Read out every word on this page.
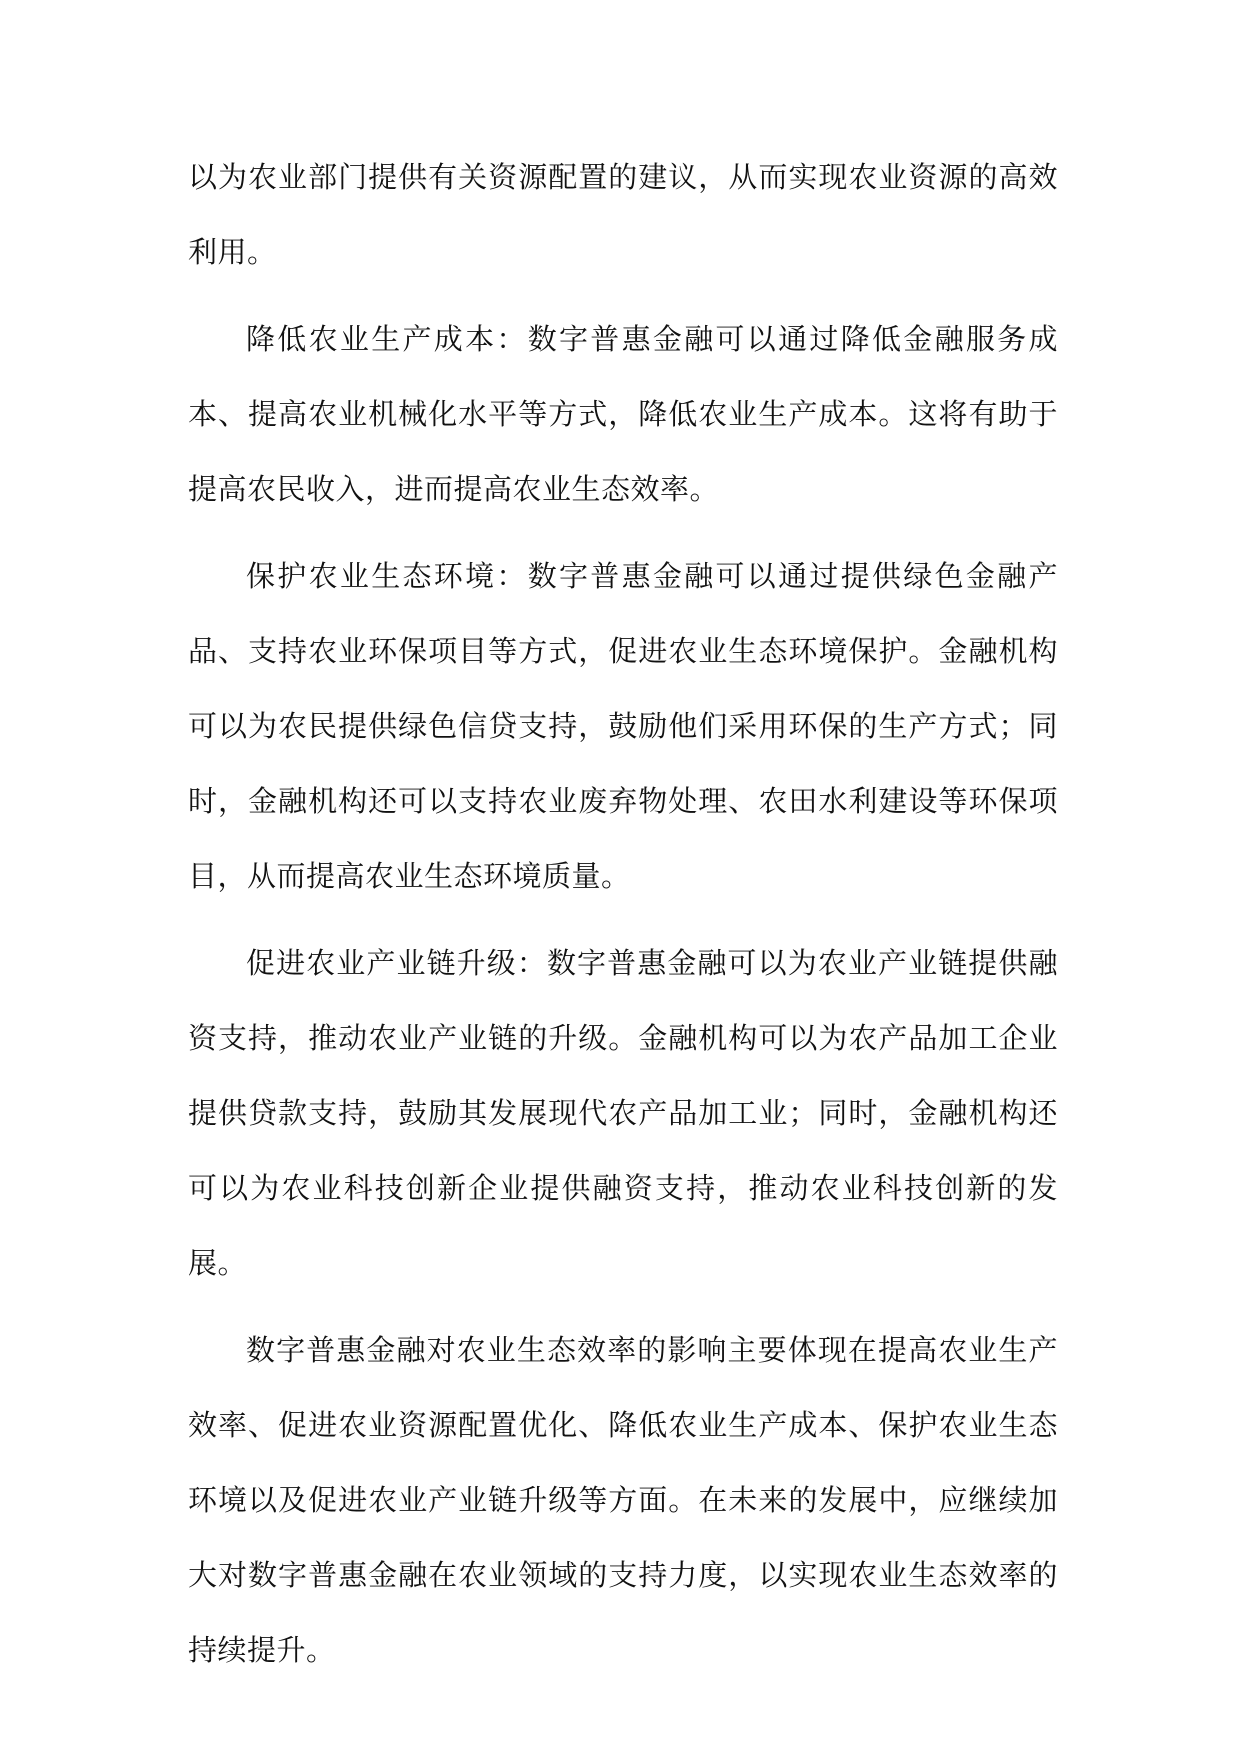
以为农业部门提供有关资源配置的建议，从而实现农业资源的高效利用。

降低农业生产成本：数字普惠金融可以通过降低金融服务成本、提高农业机械化水平等方式，降低农业生产成本。这将有助于提高农民收入，进而提高农业生态效率。

保护农业生态环境：数字普惠金融可以通过提供绿色金融产品、支持农业环保项目等方式，促进农业生态环境保护。金融机构可以为农民提供绿色信贷支持，鼓励他们采用环保的生产方式；同时，金融机构还可以支持农业废弃物处理、农田水利建设等环保项目，从而提高农业生态环境质量。

促进农业产业链升级：数字普惠金融可以为农业产业链提供融资支持，推动农业产业链的升级。金融机构可以为农产品加工企业提供贷款支持，鼓励其发展现代农产品加工业；同时，金融机构还可以为农业科技创新企业提供融资支持，推动农业科技创新的发展。

数字普惠金融对农业生态效率的影响主要体现在提高农业生产效率、促进农业资源配置优化、降低农业生产成本、保护农业生态环境以及促进农业产业链升级等方面。在未来的发展中，应继续加大对数字普惠金融在农业领域的支持力度，以实现农业生态效率的持续提升。
